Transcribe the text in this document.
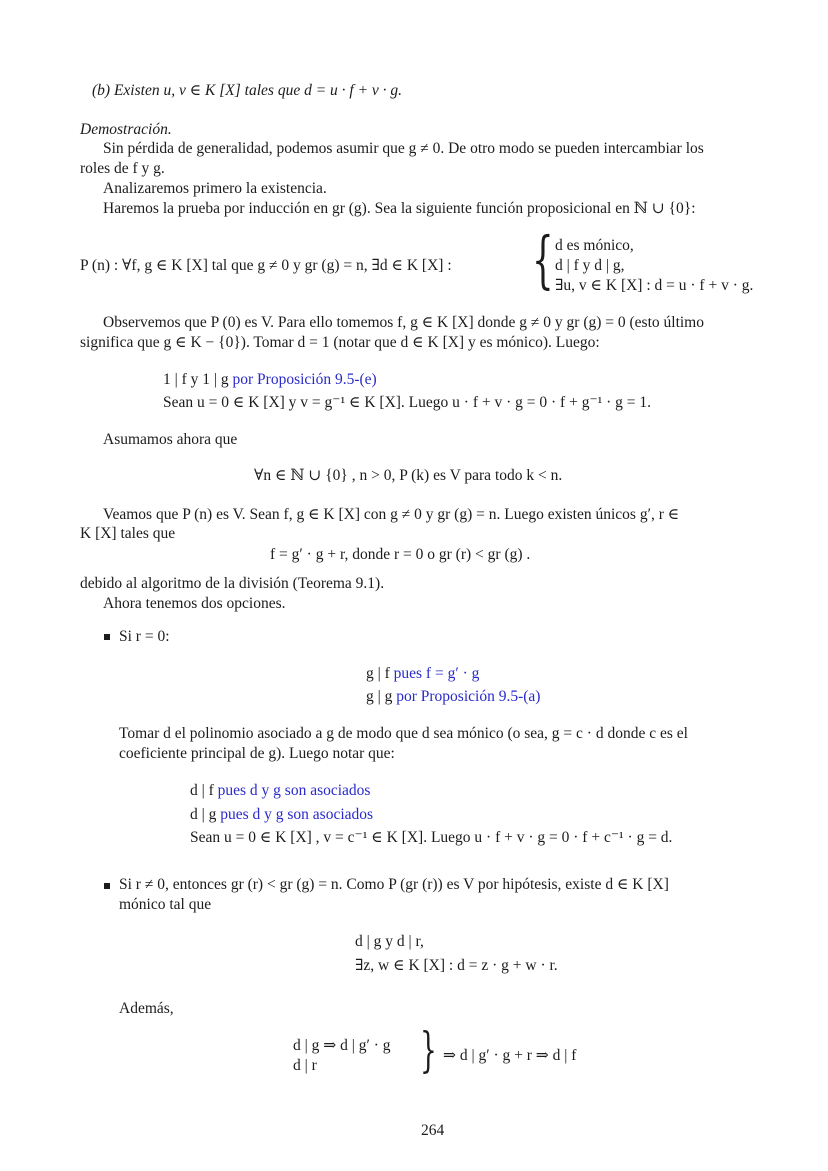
(b) Existen u, v ∈ K [X] tales que d = u · f + v · g.
Demostración.
Sin pérdida de generalidad, podemos asumir que g ≠ 0. De otro modo se pueden intercambiar los
roles de f y g.
Analizaremos primero la existencia.
Haremos la prueba por inducción en gr (g). Sea la siguiente función proposicional en ℕ ∪ {0}:
P (n) : ∀f, g ∈ K [X] tal que g ≠ 0 y gr (g) = n, ∃d ∈ K [X] : { d es mónico,
d | f y d | g,
∃u, v ∈ K [X] : d = u · f + v · g.
Observemos que P (0) es V. Para ello tomemos f, g ∈ K [X] donde g ≠ 0 y gr (g) = 0 (esto último
significa que g ∈ K − {0}). Tomar d = 1 (notar que d ∈ K [X] y es mónico). Luego:
1 | f y 1 | g por Proposición 9.5-(e)
Sean u = 0 ∈ K [X] y v = g⁻¹ ∈ K [X]. Luego u · f + v · g = 0 · f + g⁻¹ · g = 1.
Asumamos ahora que
∀n ∈ ℕ ∪ {0} , n > 0, P (k) es V para todo k < n.
Veamos que P (n) es V. Sean f, g ∈ K [X] con g ≠ 0 y gr (g) = n. Luego existen únicos g′, r ∈
K [X] tales que
f = g′ · g + r, donde r = 0 o gr (r) < gr (g) .
debido al algoritmo de la división (Teorema 9.1).
Ahora tenemos dos opciones.
Si r = 0:
g | f pues f = g′ · g
g | g por Proposición 9.5-(a)
Tomar d el polinomio asociado a g de modo que d sea mónico (o sea, g = c · d donde c es el
coeficiente principal de g). Luego notar que:
d | f pues d y g son asociados
d | g pues d y g son asociados
Sean u = 0 ∈ K [X] , v = c⁻¹ ∈ K [X]. Luego u · f + v · g = 0 · f + c⁻¹ · g = d.
Si r ≠ 0, entonces gr (r) < gr (g) = n. Como P (gr (r)) es V por hipótesis, existe d ∈ K [X]
mónico tal que
d | g y d | r,
∃z, w ∈ K [X] : d = z · g + w · r.
Además,
d | g ⇒ d | g′ · g
d | r } ⇒ d | g′ · g + r ⇒ d | f
264
